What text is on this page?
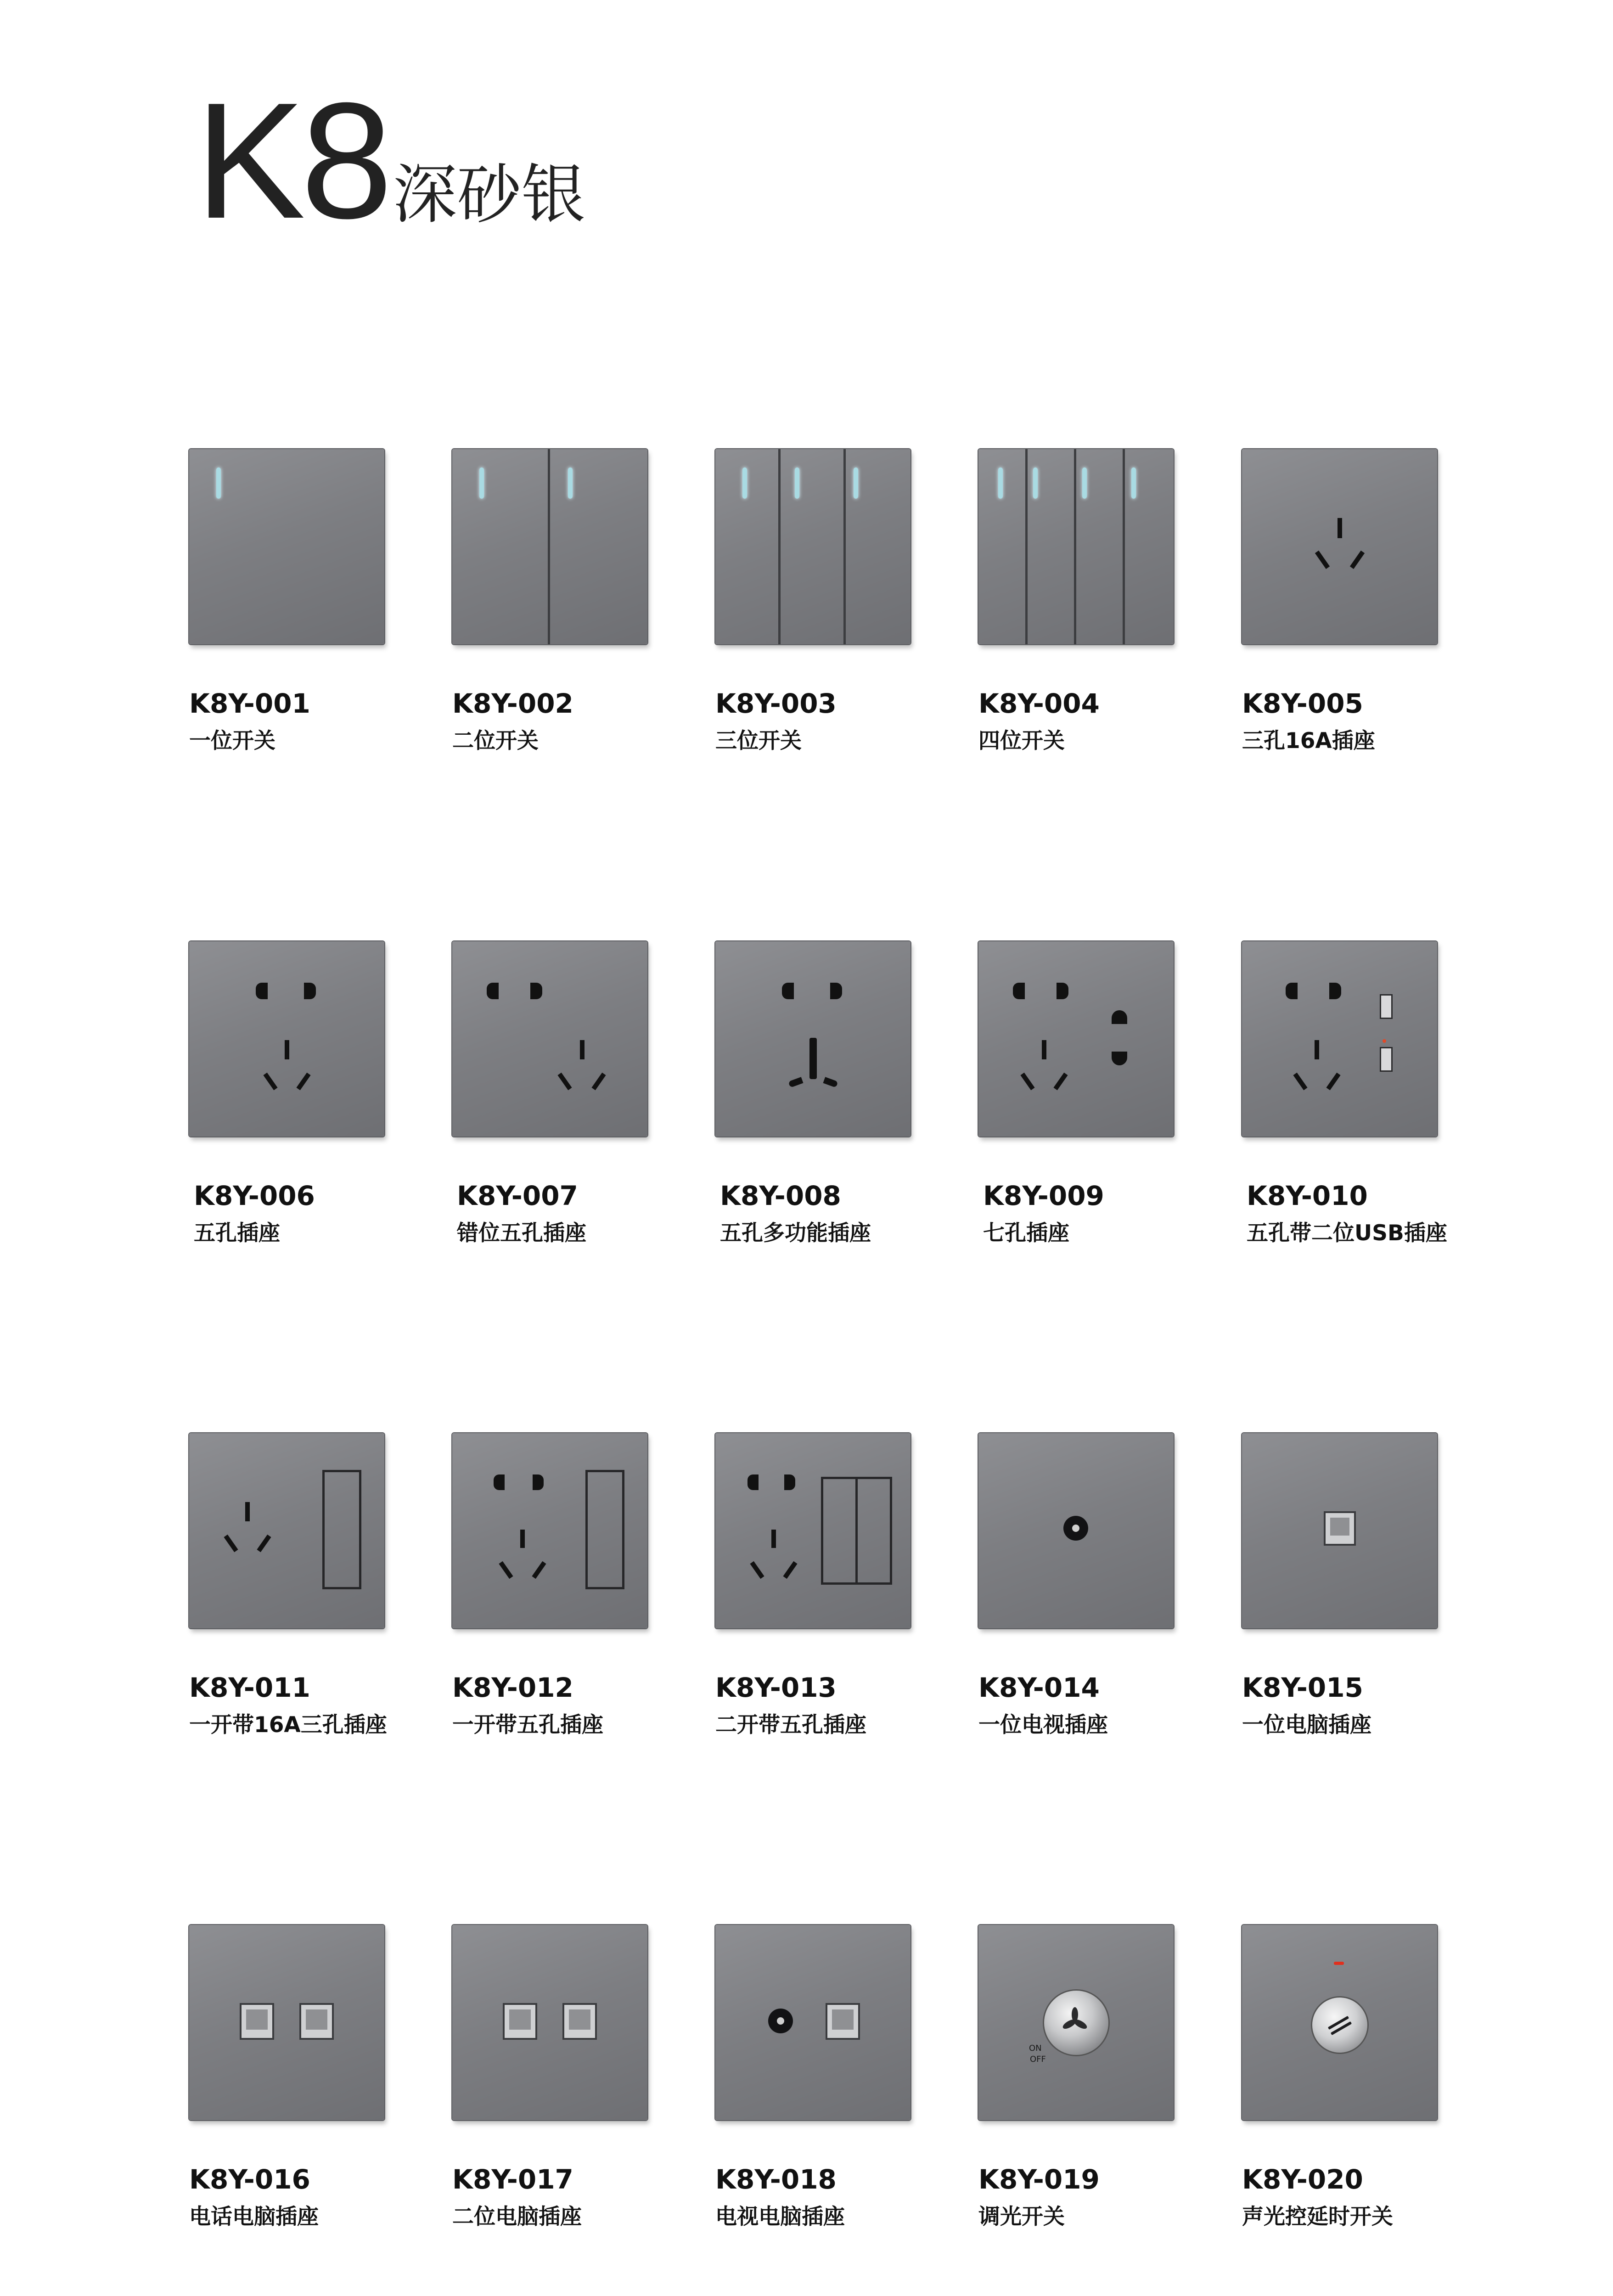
K8 深砂银
K8Y-001
一位开关
K8Y-002
二位开关
K8Y-003
三位开关
K8Y-004
四位开关
K8Y-005
三孔16A插座
K8Y-006
五孔插座
K8Y-007
错位五孔插座
K8Y-008
五孔多功能插座
K8Y-009
七孔插座
K8Y-010
五孔带二位USB插座
K8Y-011
一开带16A三孔插座
K8Y-012
一开带五孔插座
K8Y-013
二开带五孔插座
K8Y-014
一位电视插座
K8Y-015
一位电脑插座
K8Y-016
电话电脑插座
K8Y-017
二位电脑插座
K8Y-018
电视电脑插座
ON
OFF
K8Y-019
调光开关
K8Y-020
声光控延时开关
